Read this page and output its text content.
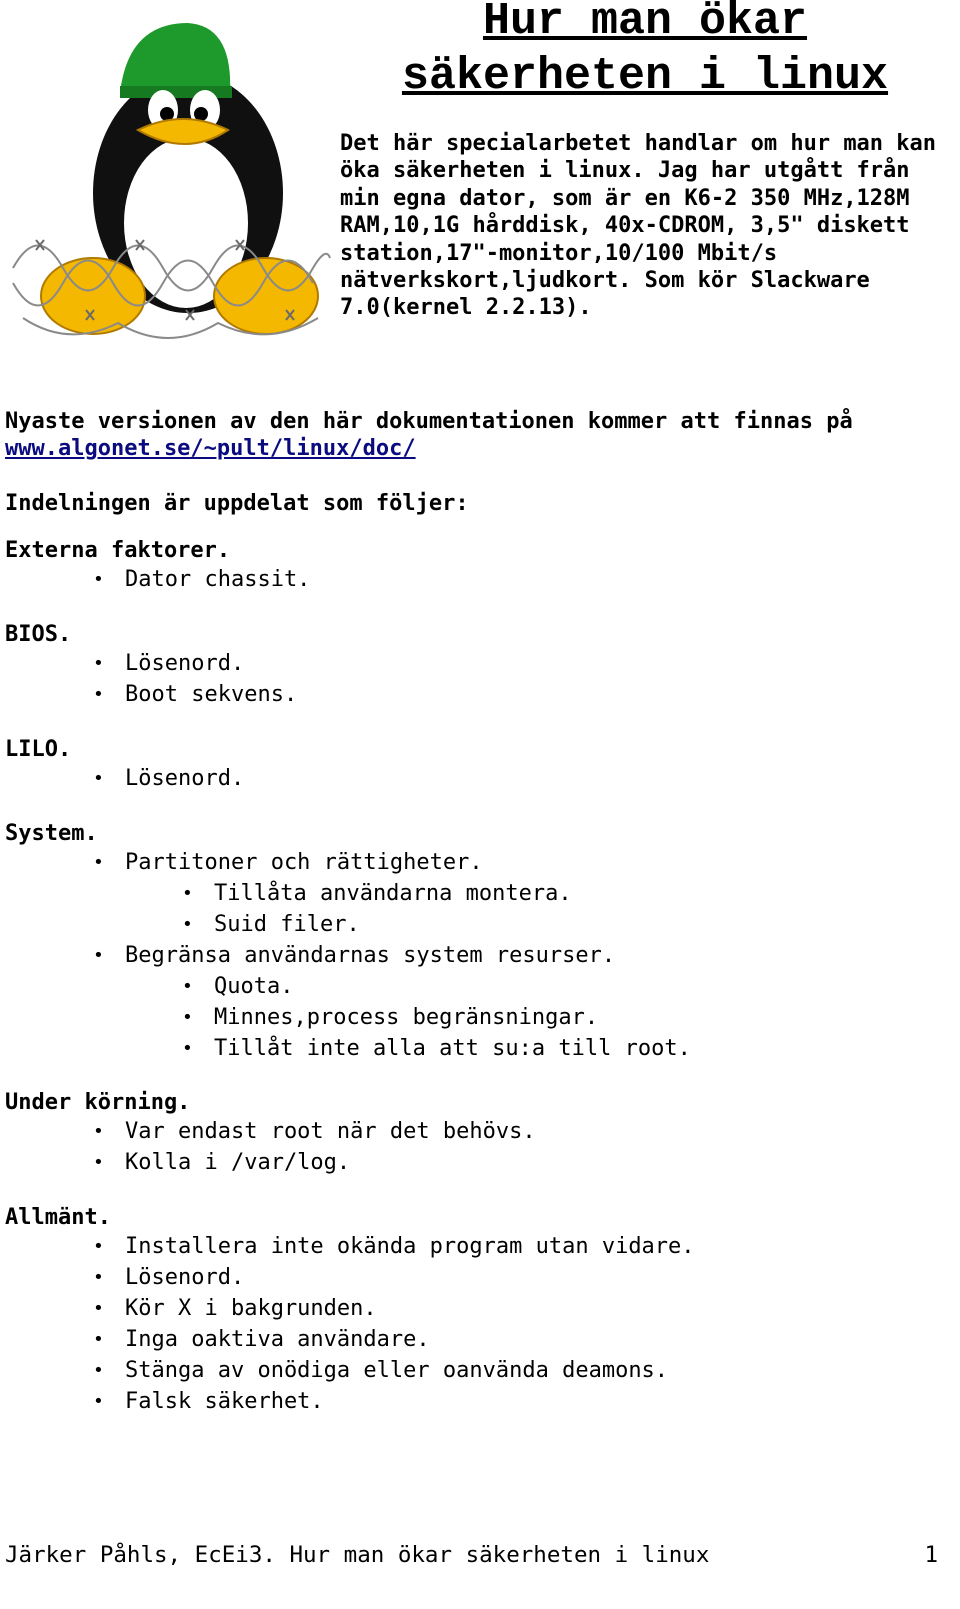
Hur man ökar säkerheten i linux

Det här specialarbetet handlar om hur man kan öka säkerheten i linux. Jag har utgått från min egna dator, som är en K6-2 350 MHz,128M RAM,10,1G hårddisk, 40x-CDROM, 3,5" diskett station,17"-monitor,10/100 Mbit/s nätverkskort,ljudkort. Som kör Slackware 7.0(kernel 2.2.13).

Nyaste versionen av den här dokumentationen kommer att finnas på www.algonet.se/~pult/linux/doc/

Indelningen är uppdelat som följer:

Externa faktorer.

• Dator chassit.

BIOS.

• Lösenord.
• Boot sekvens.

LILO.

• Lösenord.

System.

• Partitoner och rättigheter.
• Tillåta användarna montera.
• Suid filer.
• Begränsa användarnas system resurser.
• Quota.
• Minnes,process begränsningar.
• Tillåt inte alla att su:a till root.

Under körning.

• Var endast root när det behövs.
• Kolla i /var/log.

Allmänt.

• Installera inte okända program utan vidare.
• Lösenord.
• Kör X i bakgrunden.
• Inga oaktiva användare.
• Stänga av onödiga eller oanvända deamons.
• Falsk säkerhet.
Järker Påhls, EcEi3. Hur man ökar säkerheten i linux	1
